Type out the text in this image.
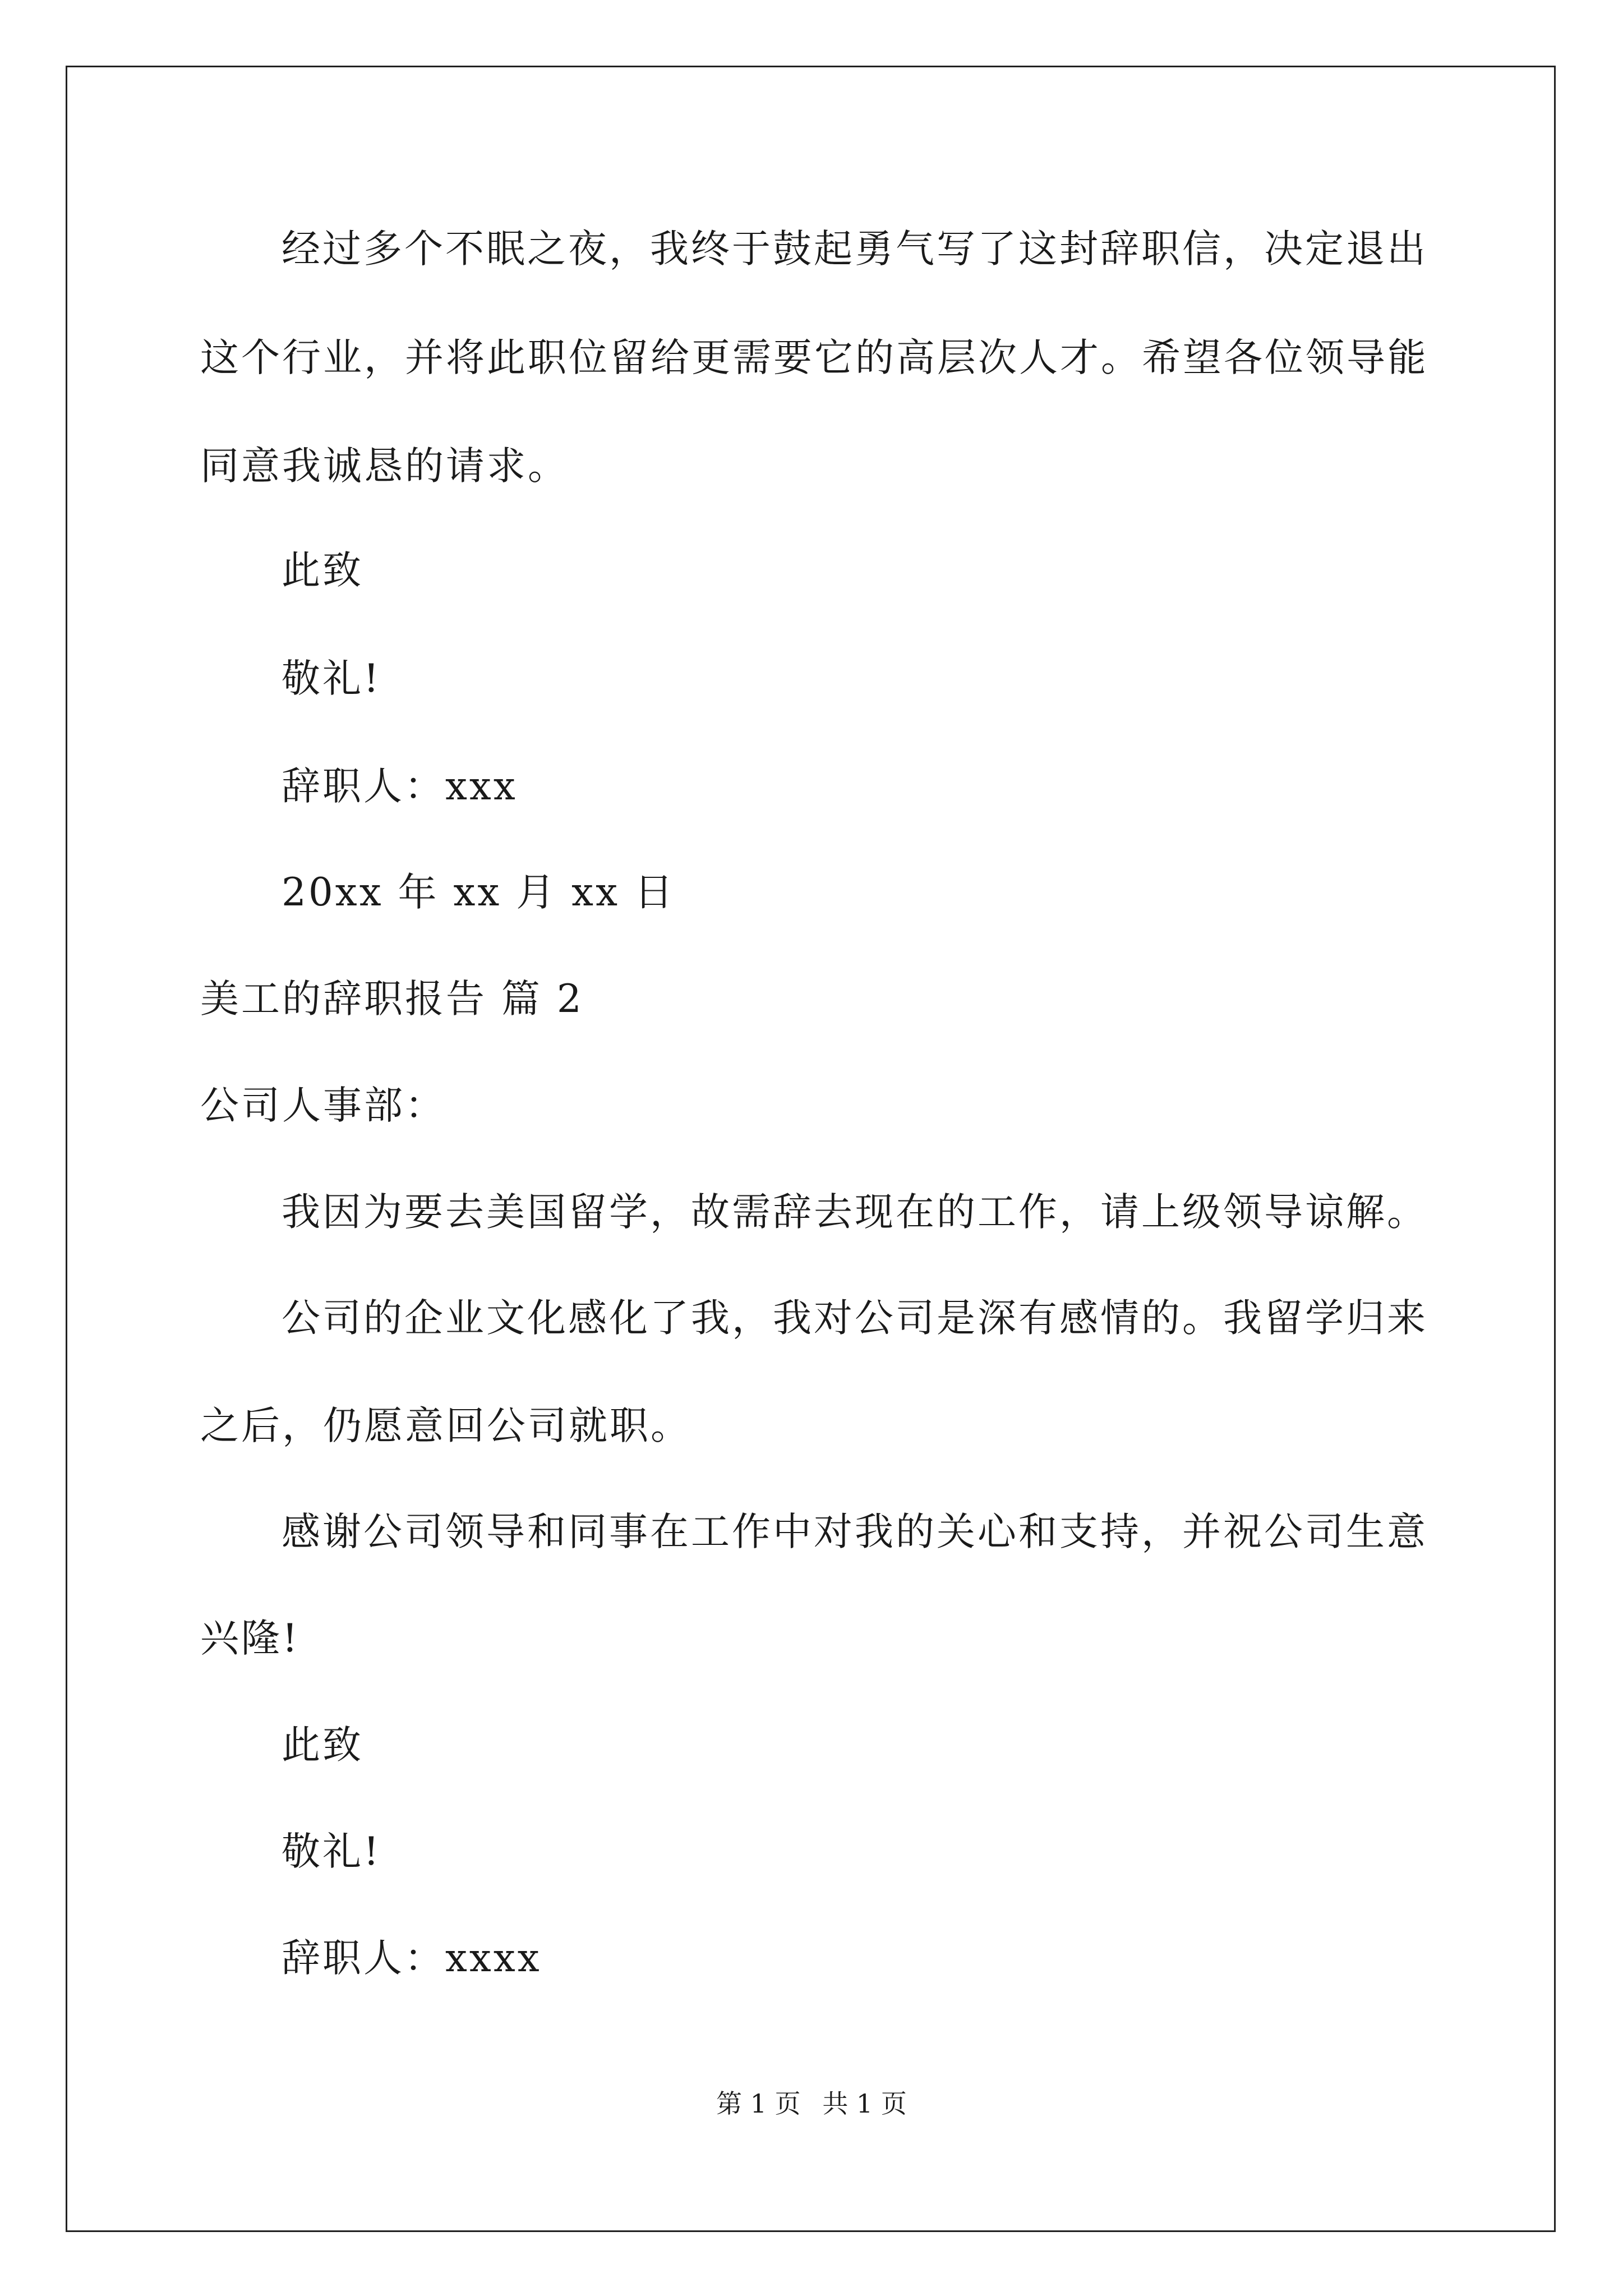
经过多个不眠之夜，我终于鼓起勇气写了这封辞职信，决定退出
这个行业，并将此职位留给更需要它的高层次人才。希望各位领导能
同意我诚恳的请求。
此致
敬礼!
辞职人：xxx
20xx 年 xx 月 xx 日
美工的辞职报告 篇 2
公司人事部：
我因为要去美国留学，故需辞去现在的工作，请上级领导谅解。
公司的企业文化感化了我，我对公司是深有感情的。我留学归来
之后，仍愿意回公司就职。
感谢公司领导和同事在工作中对我的关心和支持，并祝公司生意
兴隆!
此致
敬礼!
辞职人：xxxx
第 1 页 共 1 页
